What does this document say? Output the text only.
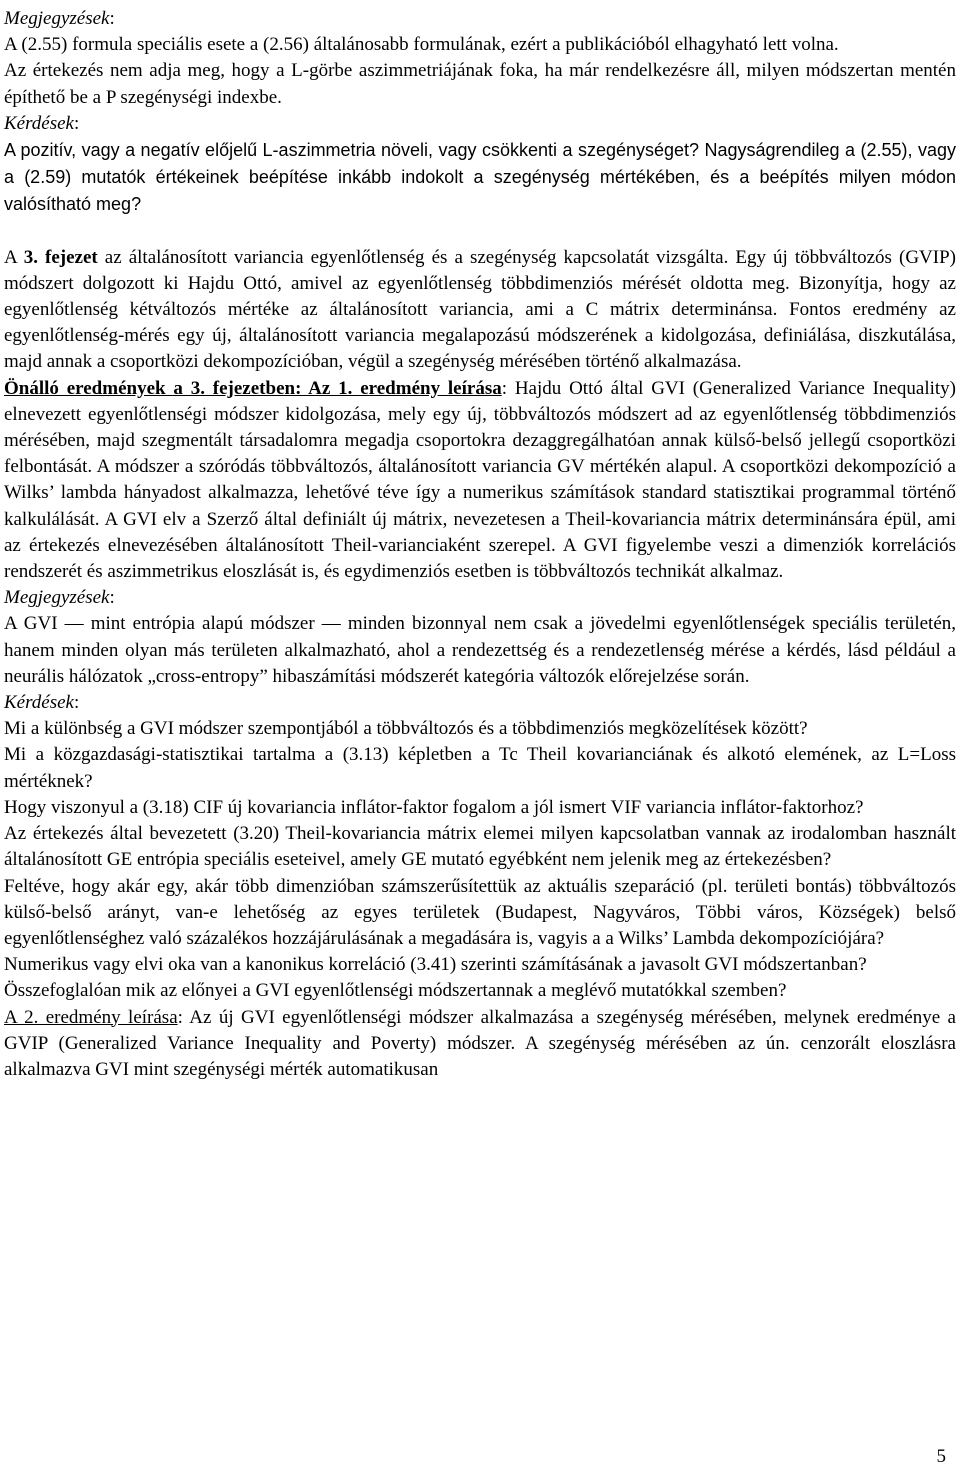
Megjegyzések:
A (2.55) formula speciális esete a (2.56) általánosabb formulának, ezért a publikációból elhagyható lett volna.
Az értekezés nem adja meg, hogy a L-görbe aszimmetriájának foka, ha már rendelkezésre áll, milyen módszertan mentén építhető be a P szegénységi indexbe.

Kérdések:
A pozitív, vagy a negatív előjelű L-aszimmetria növeli, vagy csökkenti a szegénységet? Nagyságrendileg a (2.55), vagy a (2.59) mutatók értékeinek beépítése inkább indokolt a szegénység mértékében, és a beépítés milyen módon valósítható meg?

A 3. fejezet az általánosított variancia egyenlőtlenség és a szegénység kapcsolatát vizsgálta. Egy új többváltozós (GVIP) módszert dolgozott ki Hajdu Ottó, amivel az egyenlőtlenség többdimenziós mérését oldotta meg. Bizonyítja, hogy az egyenlőtlenség kétváltozós mértéke az általánosított variancia, ami a C mátrix determinánsa. Fontos eredmény az egyenlőtlenség-mérés egy új, általánosított variancia megalapozású módszerének a kidolgozása, definiálása, diszkutálása, majd annak a csoportközi dekompozícióban, végül a szegénység mérésében történő alkalmazása.

Önálló eredmények a 3. fejezetben: Az 1. eredmény leírása: Hajdu Ottó által GVI (Generalized Variance Inequality) elnevezett egyenlőtlenségi módszer kidolgozása, mely egy új, többváltozós módszert ad az egyenlőtlenség többdimenziós mérésében, majd szegmentált társadalomra megadja csoportokra dezaggregálhatóan annak külső-belső jellegű csoportközi felbontását. A módszer a szóródás többváltozós, általánosított variancia GV mértékén alapul. A csoportközi dekompozíció a Wilks’ lambda hányadost alkalmazza, lehetővé téve így a numerikus számítások standard statisztikai programmal történő kalkulálását. A GVI elv a Szerző által definiált új mátrix, nevezetesen a Theil-kovariancia mátrix determinánsára épül, ami az értekezés elnevezésében általánosított Theil-varianciaként szerepel. A GVI figyelembe veszi a dimenziók korrelációs rendszerét és aszimmetrikus eloszlását is, és egydimenziós esetben is többváltozós technikát alkalmaz.

Megjegyzések:
A GVI ― mint entrópia alapú módszer ― minden bizonnyal nem csak a jövedelmi egyenlőtlenségek speciális területén, hanem minden olyan más területen alkalmazható, ahol a rendezettség és a rendezetlenség mérése a kérdés, lásd például a neurális hálózatok „cross-entropy” hibaszámítási módszerét kategória változók előrejelzése során.

Kérdések:

Mi a különbség a GVI módszer szempontjából a többváltozós és a többdimenziós megközelítések között?

Mi a közgazdasági-statisztikai tartalma a (3.13) képletben a Tc Theil kovarianciának és alkotó elemének, az L=Loss mértéknek?

Hogy viszonyul a (3.18) CIF új kovariancia inflátor-faktor fogalom a jól ismert VIF variancia inflátor-faktorhoz?

Az értekezés által bevezetett (3.20) Theil-kovariancia mátrix elemei milyen kapcsolatban vannak az irodalomban használt általánosított GE entrópia speciális eseteivel, amely GE mutató egyébként nem jelenik meg az értekezésben?

Feltéve, hogy akár egy, akár több dimenzióban számszerűsítettük az aktuális szeparáció (pl. területi bontás) többváltozós külső-belső arányt, van-e lehetőség az egyes területek (Budapest, Nagyváros, Többi város, Községek) belső egyenlőtlenséghez való százalékos hozzájárulásának a megadására is, vagyis a a Wilks’ Lambda dekompozíciójára?

Numerikus vagy elvi oka van a kanonikus korreláció (3.41) szerinti számításának a javasolt GVI módszertanban?

Összefoglalóan mik az előnyei a GVI egyenlőtlenségi módszertannak a meglévő mutatókkal szemben?

A 2. eredmény leírása: Az új GVI egyenlőtlenségi módszer alkalmazása a szegénység mérésében, melynek eredménye a GVIP (Generalized Variance Inequality and Poverty) módszer. A szegénység mérésében az ún. cenzorált eloszlásra alkalmazva GVI mint szegénységi mérték automatikusan

5
